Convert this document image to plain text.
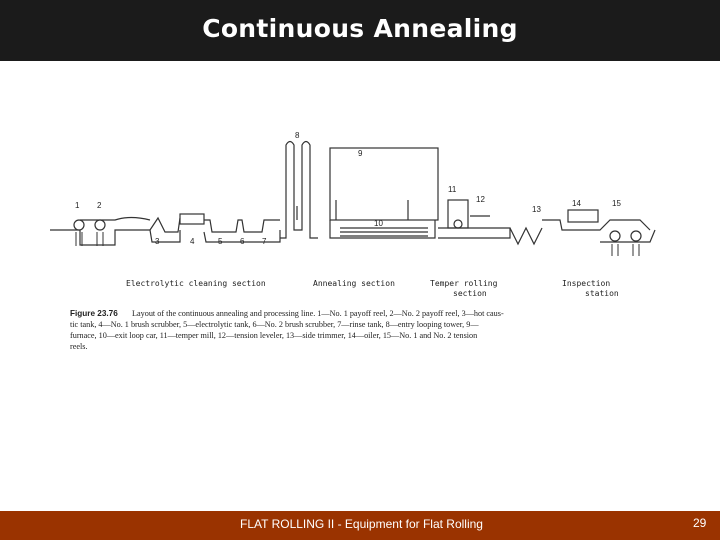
Continuous Annealing
1 2
3	4	5 6 7
8
9
10
11
12
13
14	15
Electrolytic cleaning section	Annealing section	Temper rolling
section
Inspection
station
Figure 23.76 Layout of the continuous annealing and processing line. 1—No. 1 payoff reel, 2—No. 2 payoff reel, 3—hot caus-
tic tank, 4—No. 1 brush scrubber, 5—electrolytic tank, 6—No. 2 brush scrubber, 7—rinse tank, 8—entry looping tower, 9—
furnace, 10—exit loop car, 11—temper mill, 12—tension leveler, 13—side trimmer, 14—oiler, 15—No. 1 and No. 2 tension
reels.
FLAT ROLLING II - Equipment for Flat Rolling	29
